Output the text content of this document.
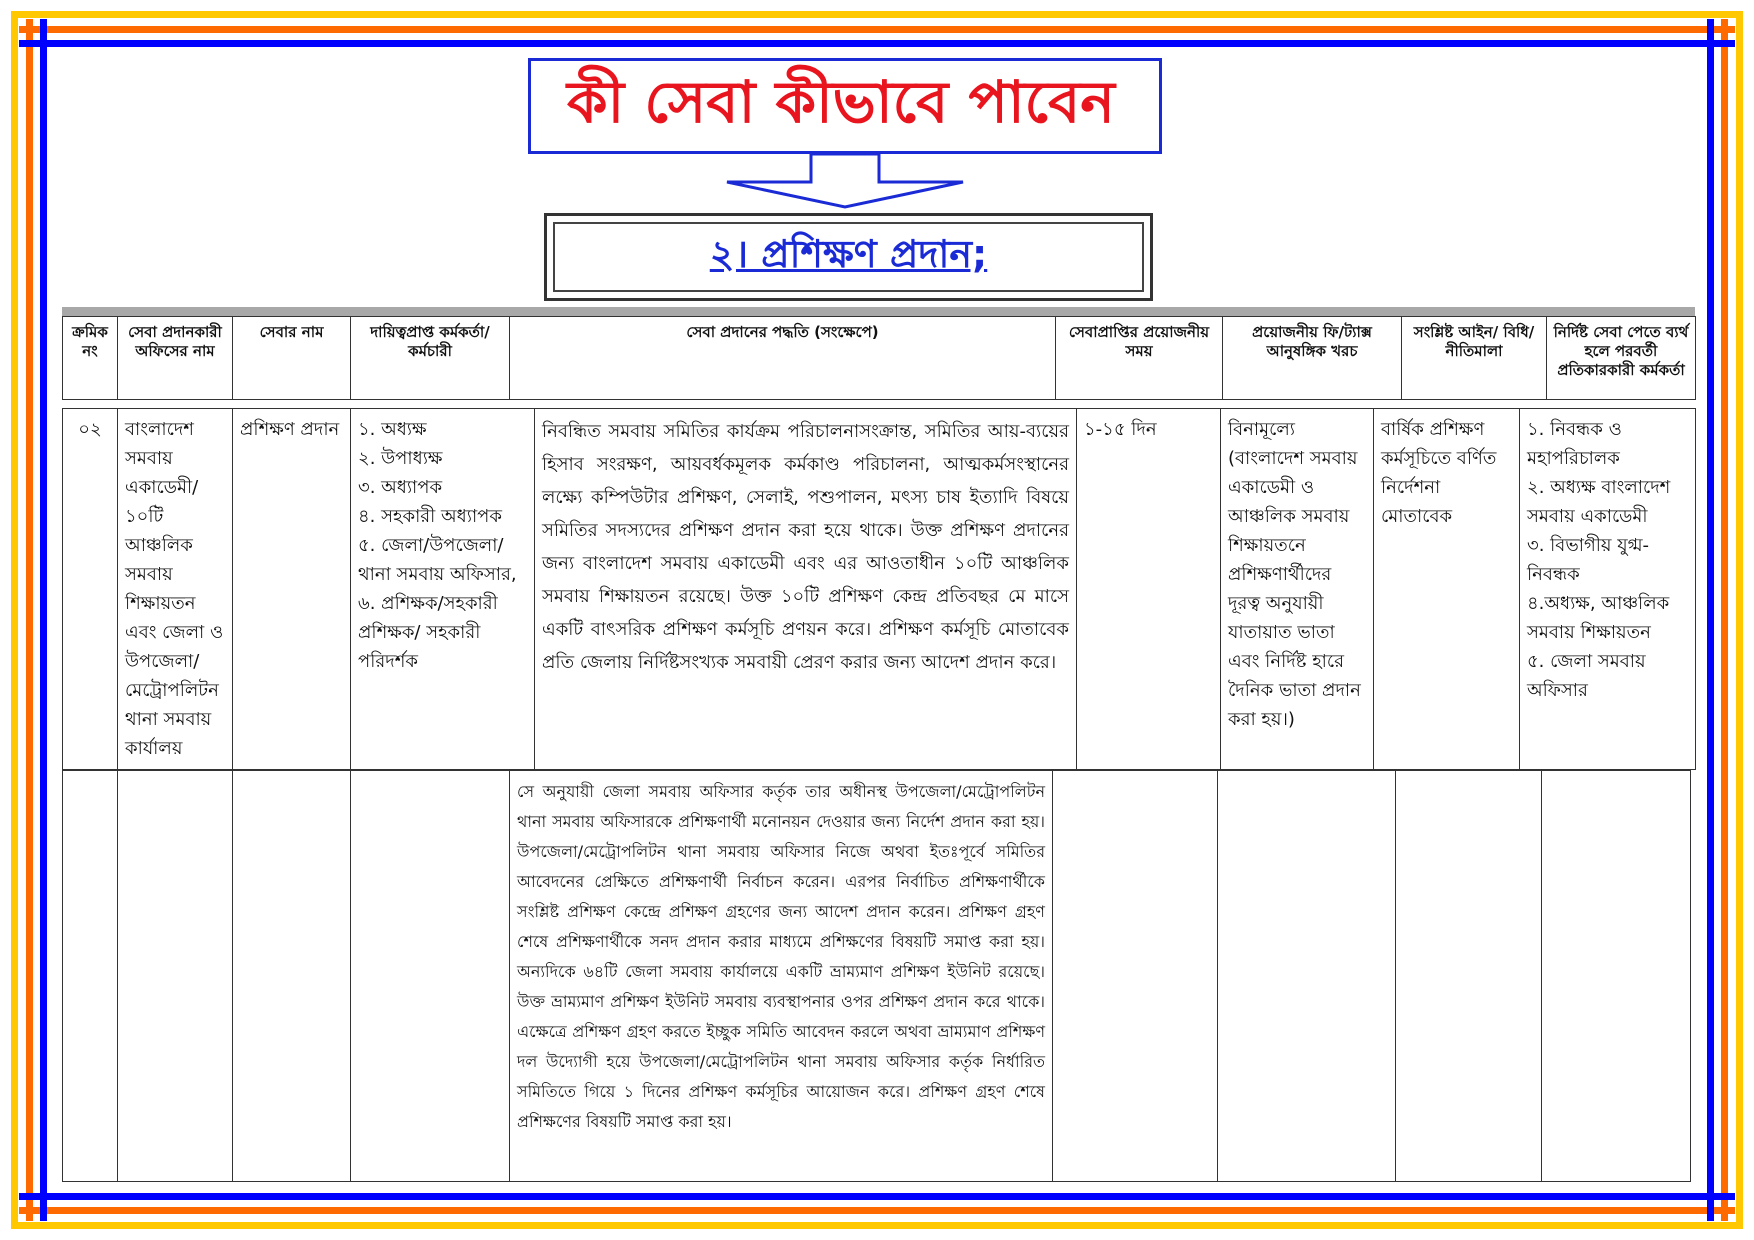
কী সেবা কীভাবে পাবেন
২। প্রশিক্ষণ প্রদান;
ক্রমিক নং	সেবা প্রদানকারী অফিসের নাম	সেবার নাম	দায়িত্বপ্রাপ্ত কর্মকর্তা/কর্মচারী	সেবা প্রদানের পদ্ধতি (সংক্ষেপে)	সেবাপ্রাপ্তির প্রয়োজনীয় সময়	প্রয়োজনীয় ফি/ট্যাক্স আনুষঙ্গিক খরচ	সংশ্লিষ্ট আইন/ বিধি/নীতিমালা	নির্দিষ্ট সেবা পেতে ব্যর্থ হলে পরবর্তী প্রতিকারকারী কর্মকর্তা
০২	বাংলাদেশ সমবায় একাডেমী/ ১০টি আঞ্চলিক সমবায় শিক্ষায়তন এবং জেলা ও উপজেলা/ মেট্রোপলিটন থানা সমবায় কার্যালয়	প্রশিক্ষণ প্রদান	১. অধ্যক্ষ
২. উপাধ্যক্ষ
৩. অধ্যাপক
৪. সহকারী অধ্যাপক
৫. জেলা/উপজেলা/ থানা সমবায় অফিসার,
৬. প্রশিক্ষক/সহকারী প্রশিক্ষক/ সহকারী পরিদর্শক
	নিবন্ধিত সমবায় সমিতির কার্যক্রম পরিচালনাসংক্রান্ত, সমিতির আয়-ব্যয়ের হিসাব সংরক্ষণ, আয়বর্ধকমূলক কর্মকাণ্ড পরিচালনা, আত্মকর্মসংস্থানের লক্ষ্যে কম্পিউটার প্রশিক্ষণ, সেলাই, পশুপালন, মৎস্য চাষ ইত্যাদি বিষয়ে সমিতির সদস্যদের প্রশিক্ষণ প্রদান করা হয়ে থাকে। উক্ত প্রশিক্ষণ প্রদানের জন্য বাংলাদেশ সমবায় একাডেমী এবং এর আওতাধীন ১০টি আঞ্চলিক সমবায় শিক্ষায়তন রয়েছে। উক্ত ১০টি প্রশিক্ষণ কেন্দ্র প্রতিবছর মে মাসে একটি বাৎসরিক প্রশিক্ষণ কর্মসূচি প্রণয়ন করে। প্রশিক্ষণ কর্মসূচি মোতাবেক প্রতি জেলায় নির্দিষ্টসংখ্যক সমবায়ী প্রেরণ করার জন্য আদেশ প্রদান করে।	১-১৫ দিন	বিনামূল্যে (বাংলাদেশ সমবায় একাডেমী ও আঞ্চলিক সমবায় শিক্ষায়তনে প্রশিক্ষণার্থীদের দূরত্ব অনুযায়ী যাতায়াত ভাতা এবং নির্দিষ্ট হারে দৈনিক ভাতা প্রদান করা হয়।)	বার্ষিক প্রশিক্ষণ কর্মসূচিতে বর্ণিত নির্দেশনা মোতাবেক	
১. নিবন্ধক ও মহাপরিচালক
২. অধ্যক্ষ বাংলাদেশ সমবায় একাডেমী
৩. বিভাগীয় যুগ্ম-নিবন্ধক
৪.অধ্যক্ষ, আঞ্চলিক সমবায় শিক্ষায়তন
৫. জেলা সমবায় অফিসার
				সে অনুযায়ী জেলা সমবায় অফিসার কর্তৃক তার অধীনস্থ উপজেলা/মেট্রোপলিটন থানা সমবায় অফিসারকে প্রশিক্ষণার্থী মনোনয়ন দেওয়ার জন্য নির্দেশ প্রদান করা হয়। উপজেলা/মেট্রোপলিটন থানা সমবায় অফিসার নিজে অথবা ইতঃপূর্বে সমিতির আবেদনের প্রেক্ষিতে প্রশিক্ষণার্থী নির্বাচন করেন। এরপর নির্বাচিত প্রশিক্ষণার্থীকে সংশ্লিষ্ট প্রশিক্ষণ কেন্দ্রে প্রশিক্ষণ গ্রহণের জন্য আদেশ প্রদান করেন। প্রশিক্ষণ গ্রহণ শেষে প্রশিক্ষণার্থীকে সনদ প্রদান করার মাধ্যমে প্রশিক্ষণের বিষয়টি সমাপ্ত করা হয়। অন্যদিকে ৬৪টি জেলা সমবায় কার্যালয়ে একটি ভ্রাম্যমাণ প্রশিক্ষণ ইউনিট রয়েছে। উক্ত ভ্রাম্যমাণ প্রশিক্ষণ ইউনিট সমবায় ব্যবস্থাপনার ওপর প্রশিক্ষণ প্রদান করে থাকে। এক্ষেত্রে প্রশিক্ষণ গ্রহণ করতে ইচ্ছুক সমিতি আবেদন করলে অথবা ভ্রাম্যমাণ প্রশিক্ষণ দল উদ্যোগী হয়ে উপজেলা/মেট্রোপলিটন থানা সমবায় অফিসার কর্তৃক নির্ধারিত সমিতিতে গিয়ে ১ দিনের প্রশিক্ষণ কর্মসূচির আয়োজন করে। প্রশিক্ষণ গ্রহণ শেষে প্রশিক্ষণের বিষয়টি সমাপ্ত করা হয়।				
